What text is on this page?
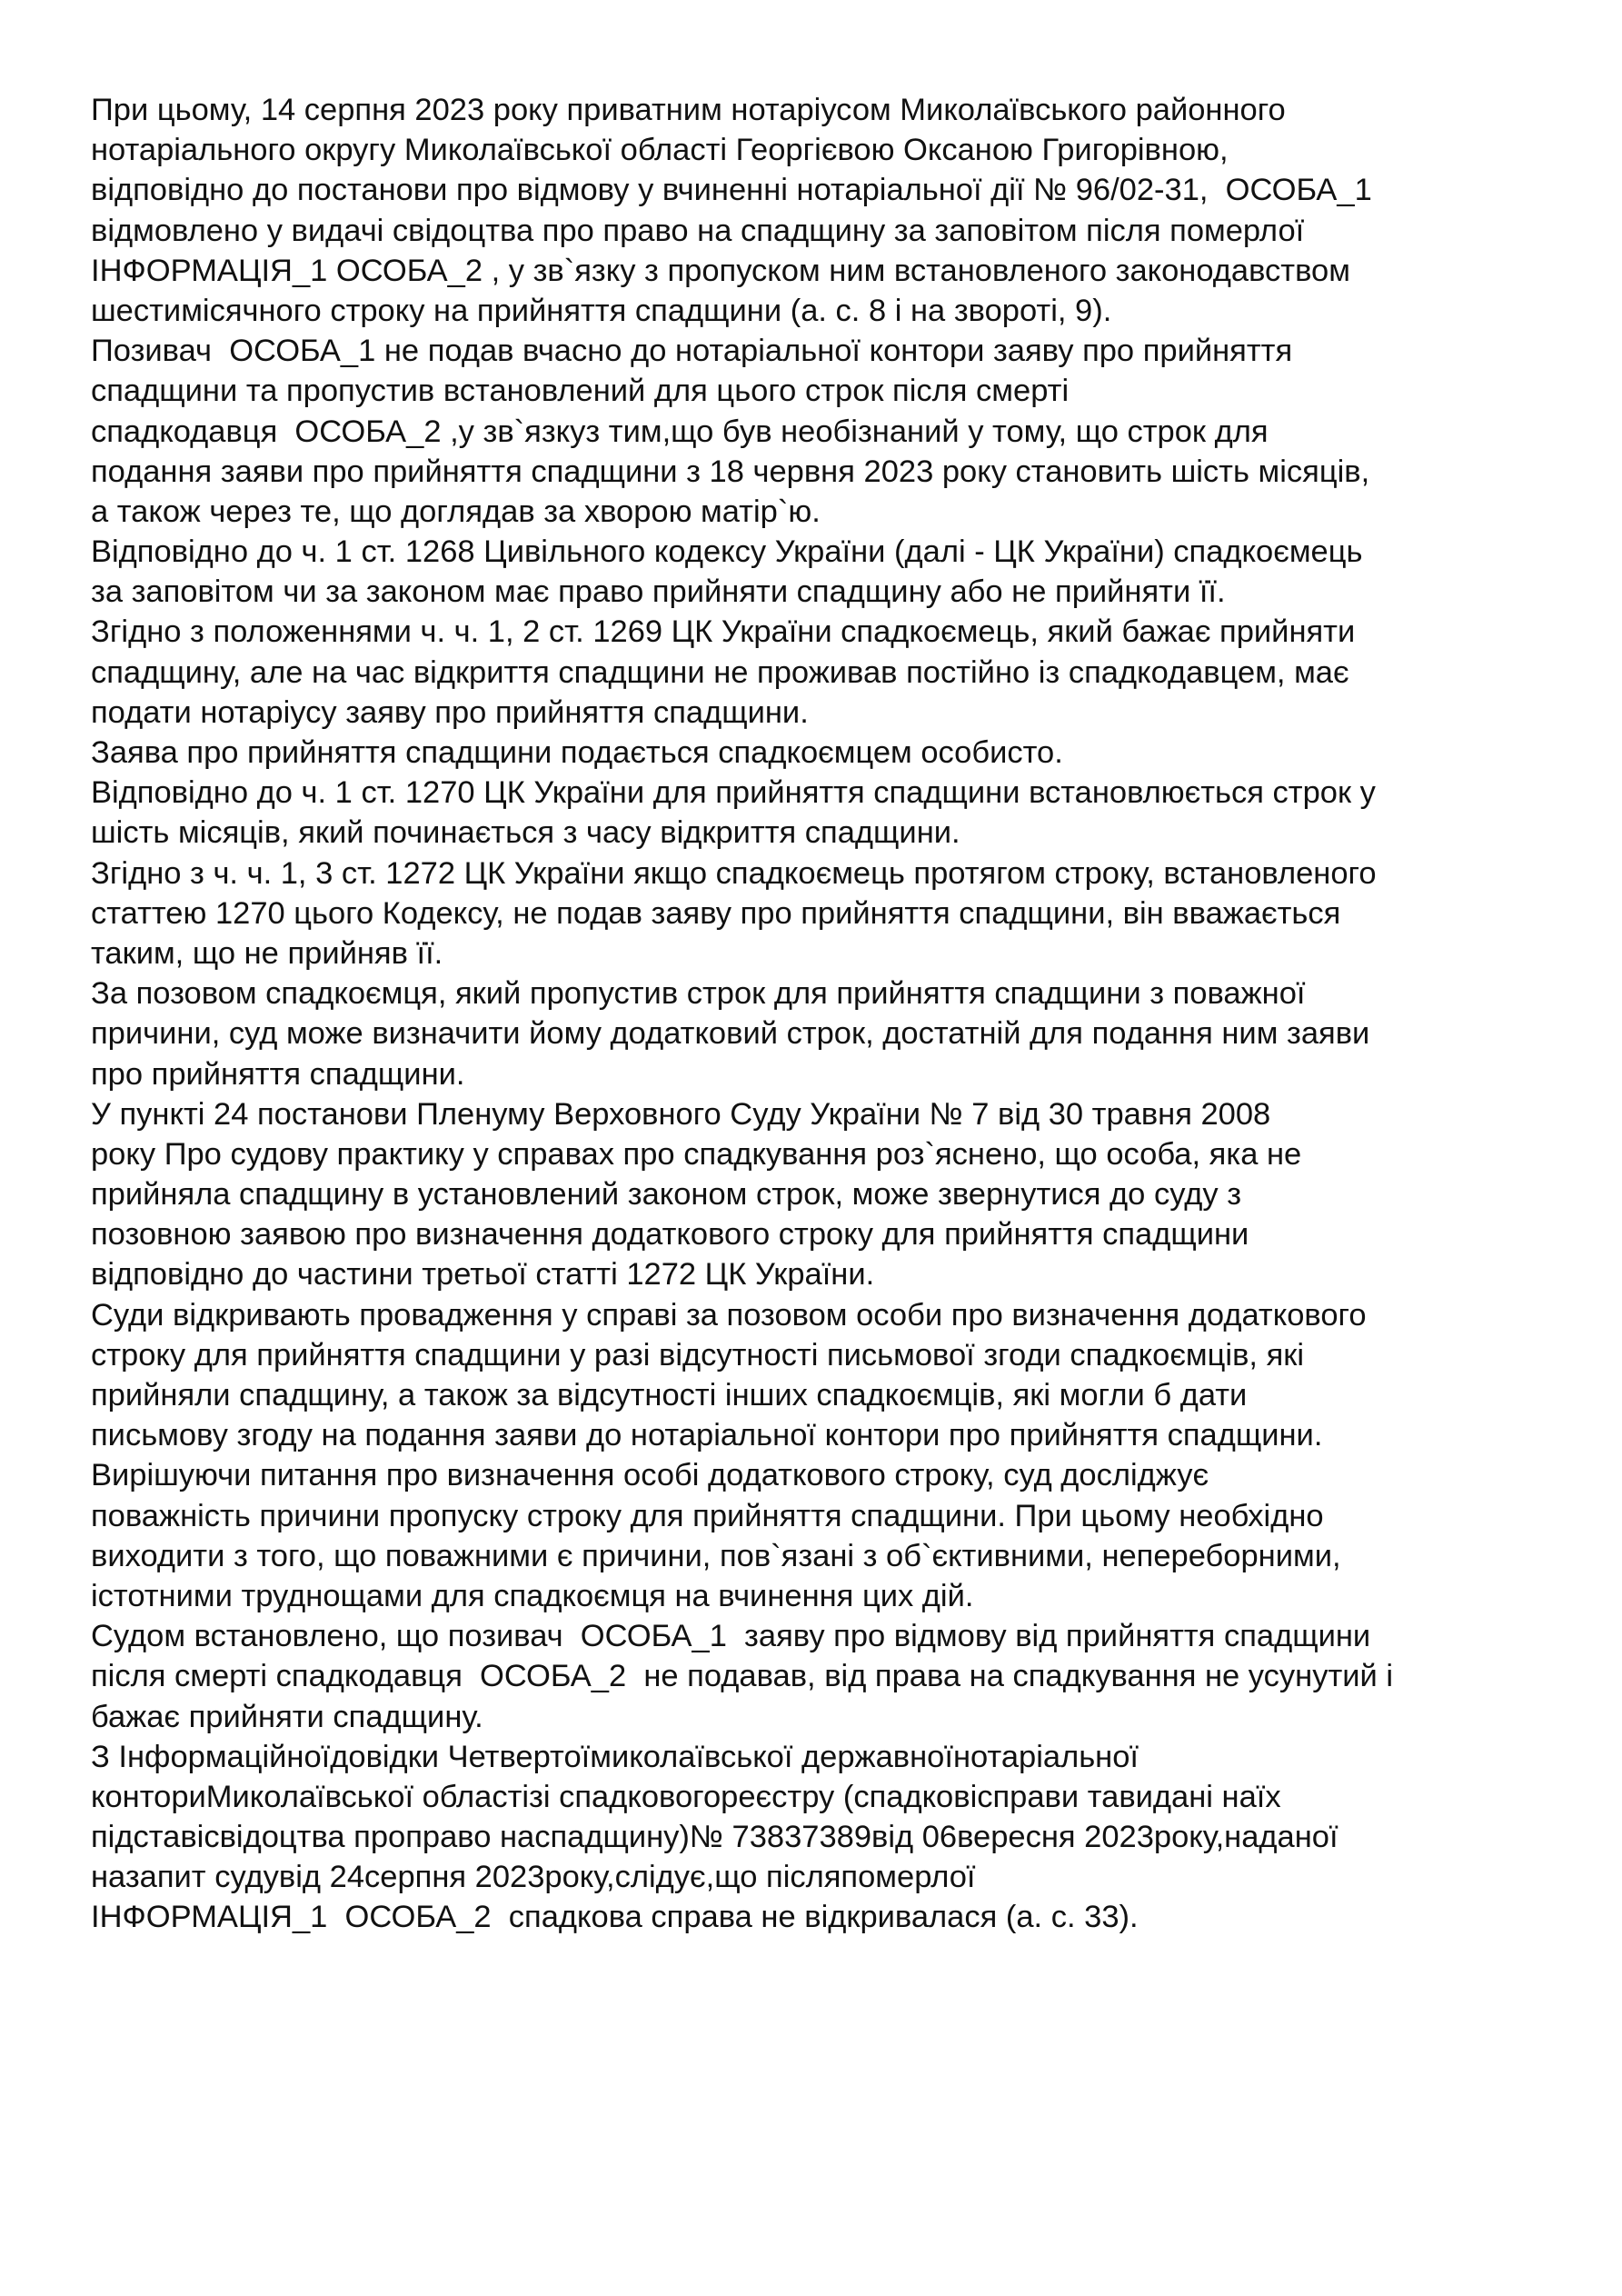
При цьому, 14 серпня 2023 року приватним нотаріусом Миколаївського районного
нотаріального округу Миколаївської області Георгієвою Оксаною Григорівною,
відповідно до постанови про відмову у вчиненні нотаріальної дії № 96/02-31,  ОСОБА_1
відмовлено у видачі свідоцтва про право на спадщину за заповітом після померлої
ІНФОРМАЦІЯ_1 ОСОБА_2 , у зв`язку з пропуском ним встановленого законодавством
шестимісячного строку на прийняття спадщини (а. с. 8 і на звороті, 9).
Позивач  ОСОБА_1 не подав вчасно до нотаріальної контори заяву про прийняття
спадщини та пропустив встановлений для цього строк після смерті
спадкодавця  ОСОБА_2 ,у зв`язкуз тим,що був необізнаний у тому, що строк для
подання заяви про прийняття спадщини з 18 червня 2023 року становить шість місяців,
а також через те, що доглядав за хворою матір`ю.
Відповідно до ч. 1 ст. 1268 Цивільного кодексу України (далі - ЦК України) спадкоємець
за заповітом чи за законом має право прийняти спадщину або не прийняти її.
Згідно з положеннями ч. ч. 1, 2 ст. 1269 ЦК України спадкоємець, який бажає прийняти
спадщину, але на час відкриття спадщини не проживав постійно із спадкодавцем, має
подати нотаріусу заяву про прийняття спадщини.
Заява про прийняття спадщини подається спадкоємцем особисто.
Відповідно до ч. 1 ст. 1270 ЦК України для прийняття спадщини встановлюється строк у
шість місяців, який починається з часу відкриття спадщини.
Згідно з ч. ч. 1, 3 ст. 1272 ЦК України якщо спадкоємець протягом строку, встановленого
статтею 1270 цього Кодексу, не подав заяву про прийняття спадщини, він вважається
таким, що не прийняв її.
За позовом спадкоємця, який пропустив строк для прийняття спадщини з поважної
причини, суд може визначити йому додатковий строк, достатній для подання ним заяви
про прийняття спадщини.
У пункті 24 постанови Пленуму Верховного Суду України № 7 від 30 травня 2008
року Про судову практику у справах про спадкування роз`яснено, що особа, яка не
прийняла спадщину в установлений законом строк, може звернутися до суду з
позовною заявою про визначення додаткового строку для прийняття спадщини
відповідно до частини третьої статті 1272 ЦК України.
Суди відкривають провадження у справі за позовом особи про визначення додаткового
строку для прийняття спадщини у разі відсутності письмової згоди спадкоємців, які
прийняли спадщину, а також за відсутності інших спадкоємців, які могли б дати
письмову згоду на подання заяви до нотаріальної контори про прийняття спадщини.
Вирішуючи питання про визначення особі додаткового строку, суд досліджує
поважність причини пропуску строку для прийняття спадщини. При цьому необхідно
виходити з того, що поважними є причини, пов`язані з об`єктивними, непереборними,
істотними труднощами для спадкоємця на вчинення цих дій.
Судом встановлено, що позивач  ОСОБА_1  заяву про відмову від прийняття спадщини
після смерті спадкодавця  ОСОБА_2  не подавав, від права на спадкування не усунутий і
бажає прийняти спадщину.
З Інформаційноїдовідки Четвертоїмиколаївської державноїнотаріальної
конториМиколаївської областізі спадковогореєстру (спадковісправи тавидані наїх
підставісвідоцтва проправо наспадщину)№ 73837389від 06вересня 2023року,наданої
назапит судувід 24серпня 2023року,слідує,що післяпомерлої
ІНФОРМАЦІЯ_1  ОСОБА_2  спадкова справа не відкривалася (а. с. 33).
